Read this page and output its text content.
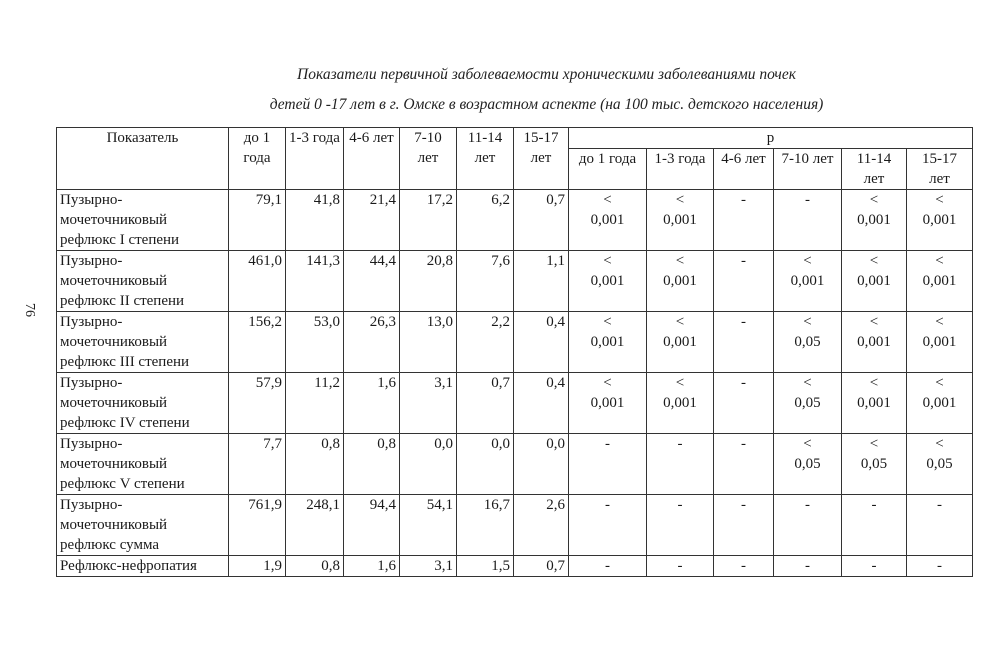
Показатели первичной заболеваемости хроническими заболеваниями почек
детей 0 -17 лет в г. Омске в возрастном аспекте (на 100 тыс. детского населения)
76
Показатель	до 1 года	1-3 года	4-6 лет	7-10 лет	11-14 лет	15-17 лет	p					
							до 1 года	1-3 года	4-6 лет	7-10 лет	11-14 лет	15-17 лет
Пузырно-мочеточниковый рефлюкс I степени	79,1	41,8	21,4	17,2	6,2	0,7	< 0,001	< 0,001	-	-	< 0,001	< 0,001

Пузырно-мочеточниковый рефлюкс II степени	461,0	141,3	44,4	20,8	7,6	1,1	< 0,001	< 0,001	-	< 0,001	< 0,001	< 0,001

Пузырно-мочеточниковый рефлюкс III степени	156,2	53,0	26,3	13,0	2,2	0,4	< 0,001	< 0,001	-	< 0,05	< 0,001	< 0,001

Пузырно-мочеточниковый рефлюкс IV степени	57,9	11,2	1,6	3,1	0,7	0,4	< 0,001	< 0,001	-	< 0,05	< 0,001	< 0,001

Пузырно-мочеточниковый рефлюкс V степени	7,7	0,8	0,8	0,0	0,0	0,0	-	-	-	< 0,05	< 0,05	< 0,05

Пузырно-мочеточниковый рефлюкс сумма	761,9	248,1	94,4	54,1	16,7	2,6	-	-	-	-	-	-

Рефлюкс-нефропатия	1,9	0,8	1,6	3,1	1,5	0,7	-	-	-	-	-	-
